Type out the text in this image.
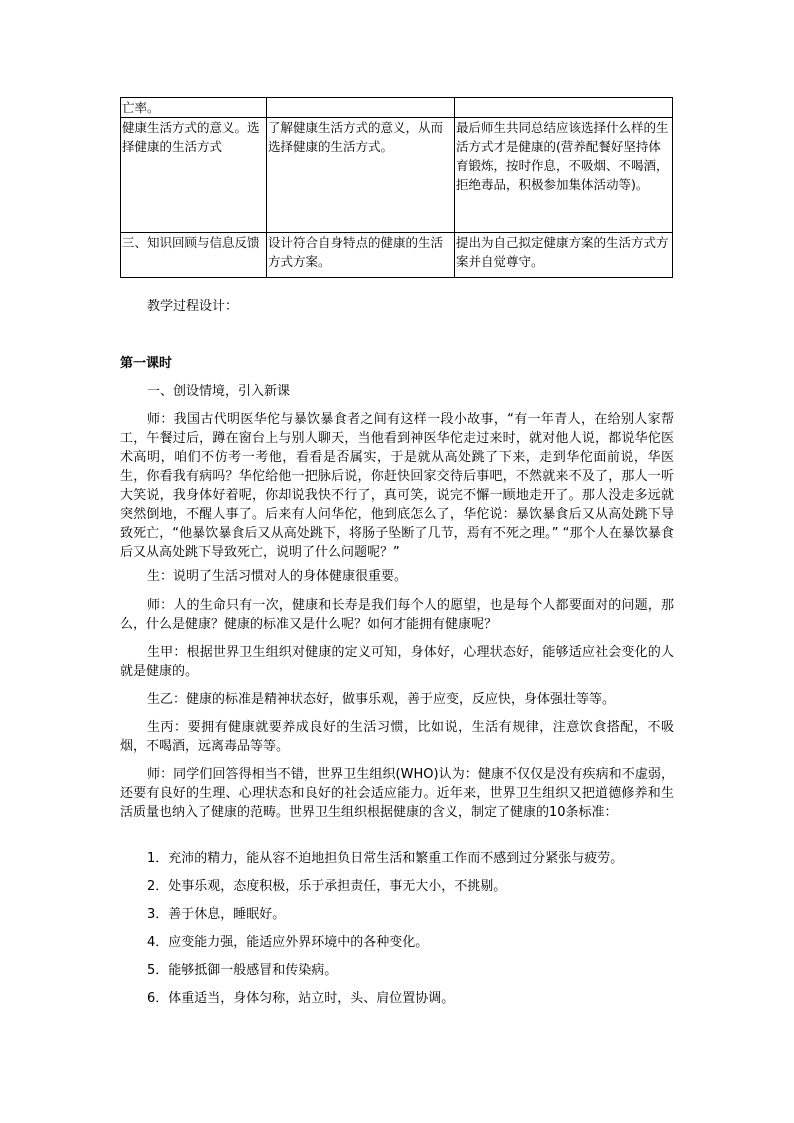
亡率。		
健康生活方式的意义。选择健康的生活方式	了解健康生活方式的意义，从而选择健康的生活方式。	最后师生共同总结应该选择什么样的生活方式才是健康的(营养配餐好坚持体育锻炼，按时作息，不吸烟、不喝酒，拒绝毒品，积极参加集体活动等)。
三、知识回顾与信息反馈	设计符合自身特点的健康的生活方式方案。	提出为自己拟定健康方案的生活方式方案并自觉尊守。
教学过程设计：
第一课时
一、创设情境，引入新课
师：我国古代明医华佗与暴饮暴食者之间有这样一段小故事，“有一年青人，在给别人家帮工，午餐过后，蹲在窗台上与别人聊天，当他看到神医华佗走过来时，就对他人说，都说华佗医术高明，咱们不仿考一考他，看看是否属实，于是就从高处跳了下来，走到华佗面前说，华医生，你看我有病吗？华佗给他一把脉后说，你赶快回家交待后事吧，不然就来不及了，那人一听大笑说，我身体好着呢，你却说我快不行了，真可笑，说完不懈一顾地走开了。那人没走多远就突然倒地，不醒人事了。后来有人问华佗，他到底怎么了，华佗说：暴饮暴食后又从高处跳下导致死亡，“他暴饮暴食后又从高处跳下，将肠子坠断了几节，焉有不死之理。” “那个人在暴饮暴食后又从高处跳下导致死亡，说明了什么问题呢？”
生：说明了生活习惯对人的身体健康很重要。
师：人的生命只有一次，健康和长寿是我们每个人的愿望，也是每个人都要面对的问题，那么，什么是健康？健康的标准又是什么呢？如何才能拥有健康呢？
生甲：根据世界卫生组织对健康的定义可知，身体好，心理状态好，能够适应社会变化的人就是健康的。
生乙：健康的标准是精神状态好，做事乐观，善于应变，反应快，身体强壮等等。
生丙：要拥有健康就要养成良好的生活习惯，比如说，生活有规律，注意饮食搭配，不吸烟，不喝酒，远离毒品等等。
师：同学们回答得相当不错，世界卫生组织(WHO)认为：健康不仅仅是没有疾病和不虚弱，还要有良好的生理、心理状态和良好的社会适应能力。近年来，世界卫生组织又把道德修养和生活质量也纳入了健康的范畴。世界卫生组织根据健康的含义，制定了健康的10条标准：
1．充沛的精力，能从容不迫地担负日常生活和繁重工作而不感到过分紧张与疲劳。
2．处事乐观，态度积极，乐于承担责任，事无大小，不挑剔。
3．善于休息，睡眠好。
4．应变能力强，能适应外界环境中的各种变化。
5．能够抵御一般感冒和传染病。
6．体重适当，身体匀称，站立时，头、肩位置协调。
